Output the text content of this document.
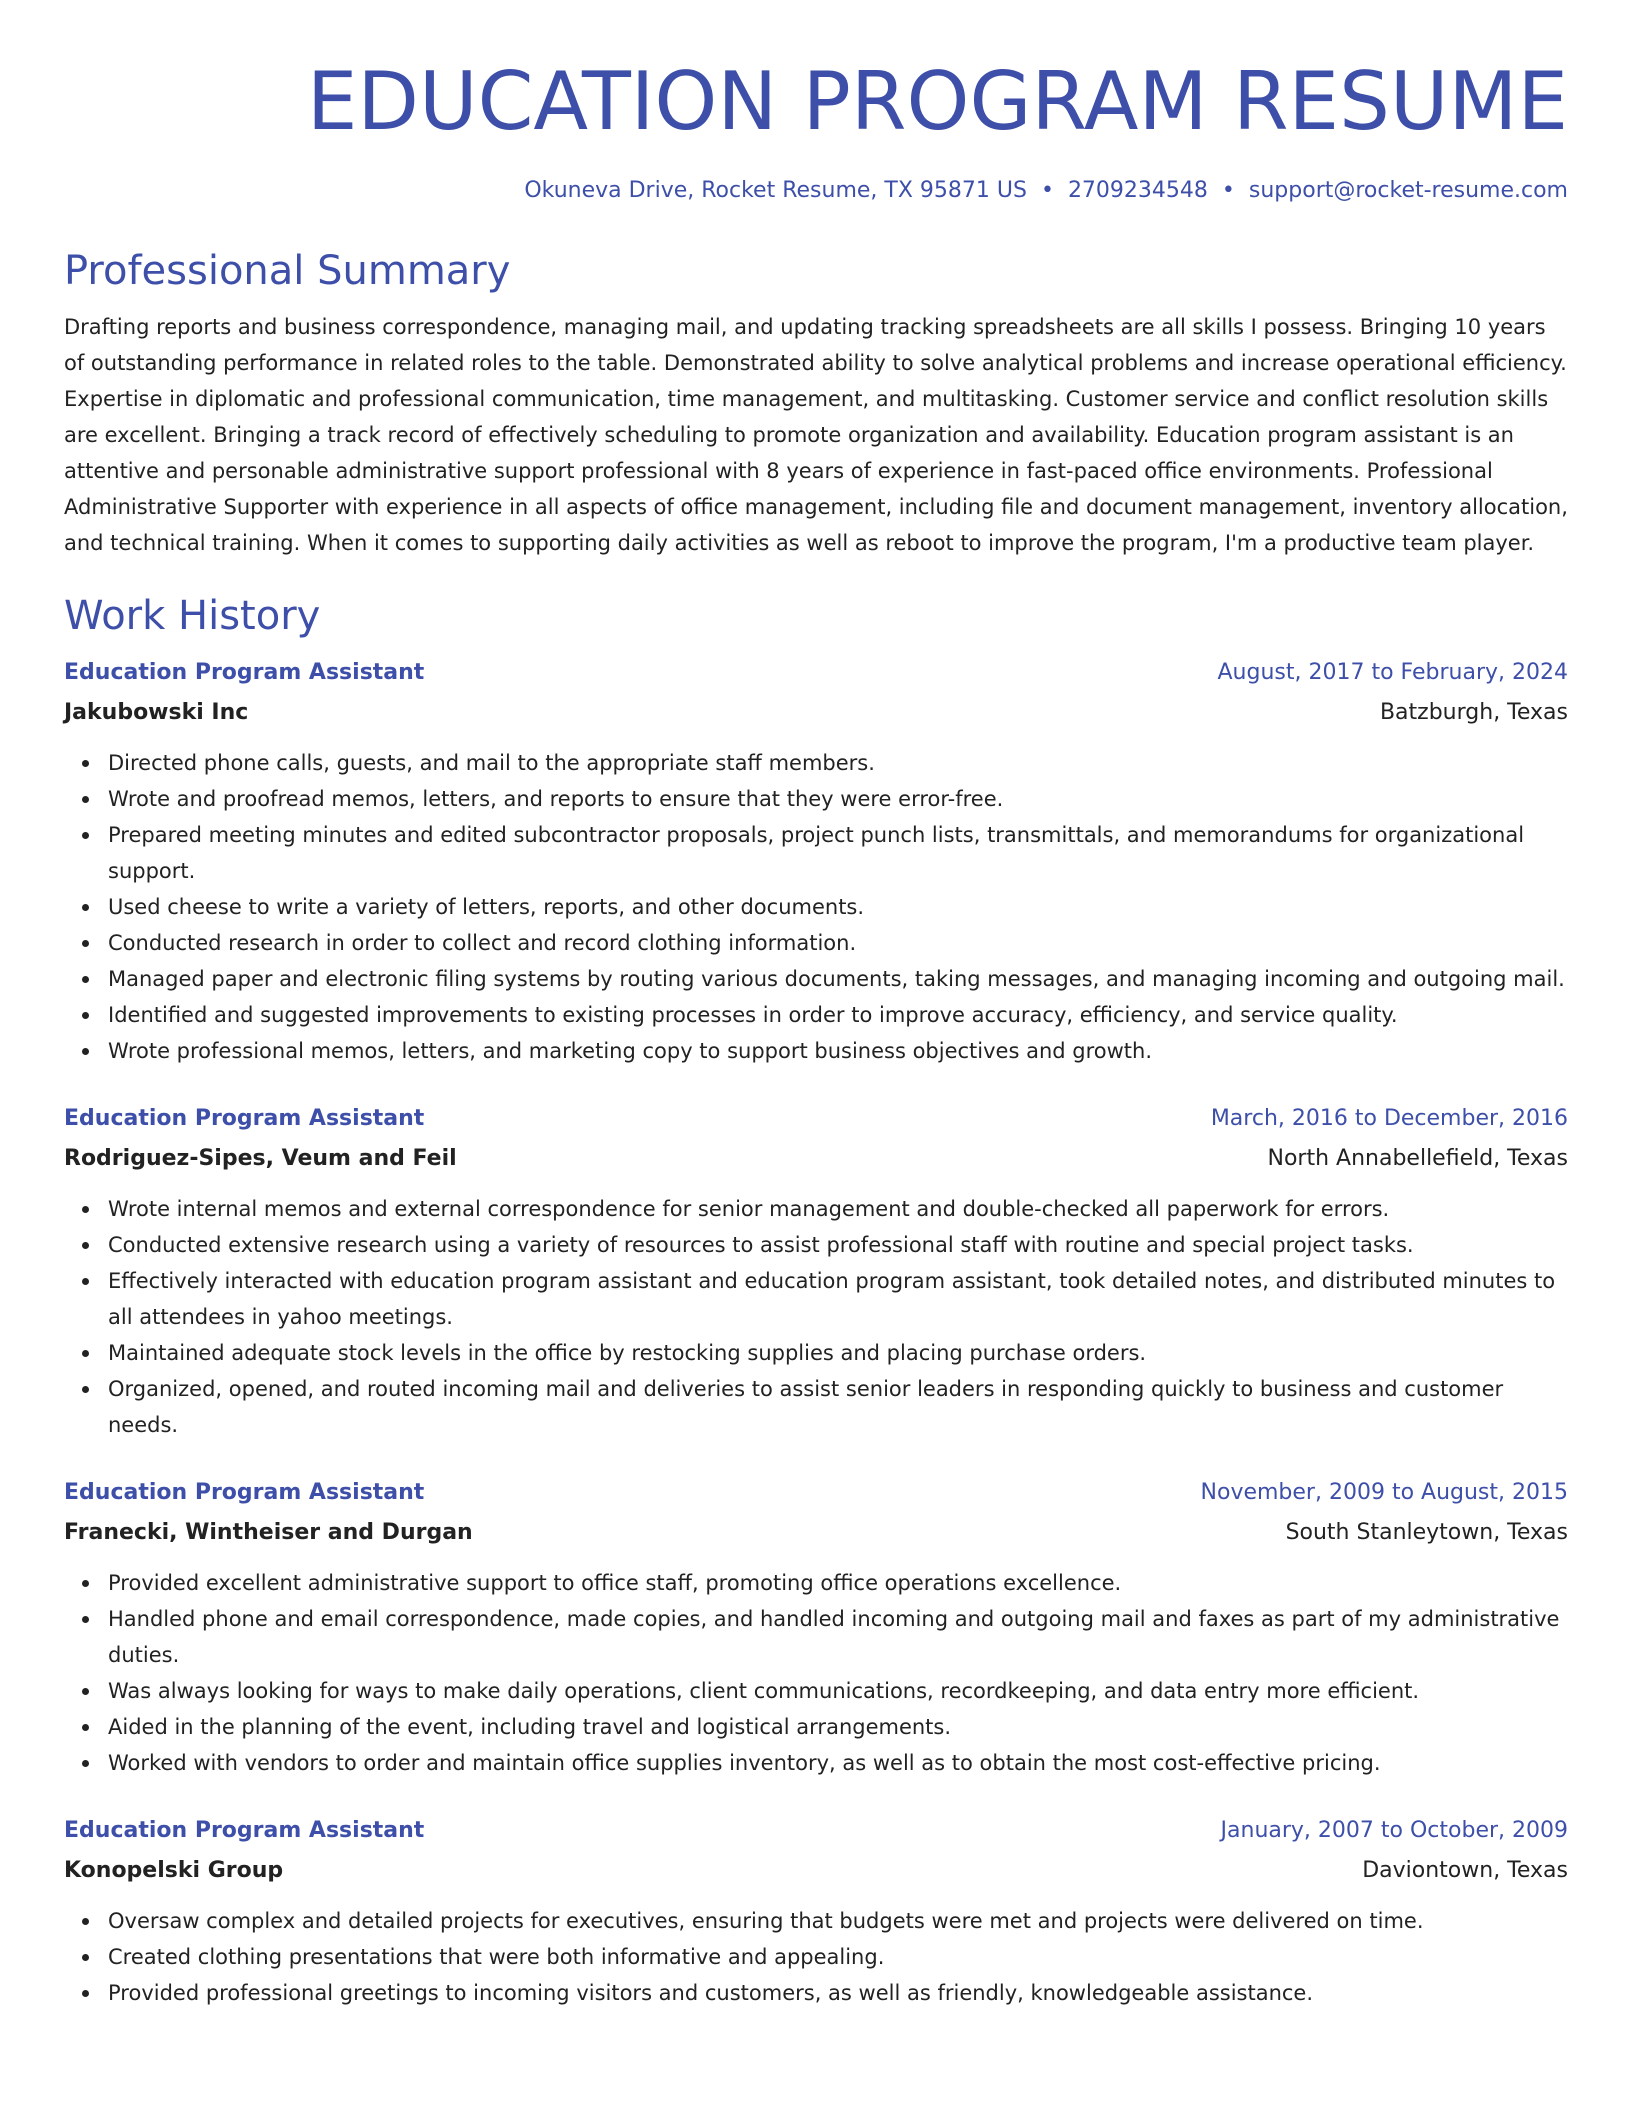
EDUCATION PROGRAM RESUME
Okuneva Drive, Rocket Resume, TX 95871 US • 2709234548 • support@rocket-resume.com
Professional Summary

Drafting reports and business correspondence, managing mail, and updating tracking spreadsheets are all skills I possess. Bringing 10 years of outstanding performance in related roles to the table. Demonstrated ability to solve analytical problems and increase operational efficiency. Expertise in diplomatic and professional communication, time management, and multitasking. Customer service and conflict resolution skills are excellent. Bringing a track record of effectively scheduling to promote organization and availability. Education program assistant is an attentive and personable administrative support professional with 8 years of experience in fast-paced office environments. Professional Administrative Supporter with experience in all aspects of office management, including file and document management, inventory allocation, and technical training. When it comes to supporting daily activities as well as reboot to improve the program, I'm a productive team player.

Work History
Education Program Assistant	August, 2017 to February, 2024
Jakubowski Inc	Batzburgh, Texas
Directed phone calls, guests, and mail to the appropriate staff members.
Wrote and proofread memos, letters, and reports to ensure that they were error-free.
Prepared meeting minutes and edited subcontractor proposals, project punch lists, transmittals, and memorandums for organizational support.
Used cheese to write a variety of letters, reports, and other documents.
Conducted research in order to collect and record clothing information.
Managed paper and electronic filing systems by routing various documents, taking messages, and managing incoming and outgoing mail.
Identified and suggested improvements to existing processes in order to improve accuracy, efficiency, and service quality.
Wrote professional memos, letters, and marketing copy to support business objectives and growth.
Education Program Assistant	March, 2016 to December, 2016
Rodriguez-Sipes, Veum and Feil	North Annabellefield, Texas
Wrote internal memos and external correspondence for senior management and double-checked all paperwork for errors.
Conducted extensive research using a variety of resources to assist professional staff with routine and special project tasks.
Effectively interacted with education program assistant and education program assistant, took detailed notes, and distributed minutes to all attendees in yahoo meetings.
Maintained adequate stock levels in the office by restocking supplies and placing purchase orders.
Organized, opened, and routed incoming mail and deliveries to assist senior leaders in responding quickly to business and customer needs.
Education Program Assistant	November, 2009 to August, 2015
Franecki, Wintheiser and Durgan	South Stanleytown, Texas
Provided excellent administrative support to office staff, promoting office operations excellence.
Handled phone and email correspondence, made copies, and handled incoming and outgoing mail and faxes as part of my administrative duties.
Was always looking for ways to make daily operations, client communications, recordkeeping, and data entry more efficient.
Aided in the planning of the event, including travel and logistical arrangements.
Worked with vendors to order and maintain office supplies inventory, as well as to obtain the most cost-effective pricing.
Education Program Assistant	January, 2007 to October, 2009
Konopelski Group	Daviontown, Texas
Oversaw complex and detailed projects for executives, ensuring that budgets were met and projects were delivered on time.
Created clothing presentations that were both informative and appealing.
Provided professional greetings to incoming visitors and customers, as well as friendly, knowledgeable assistance.
